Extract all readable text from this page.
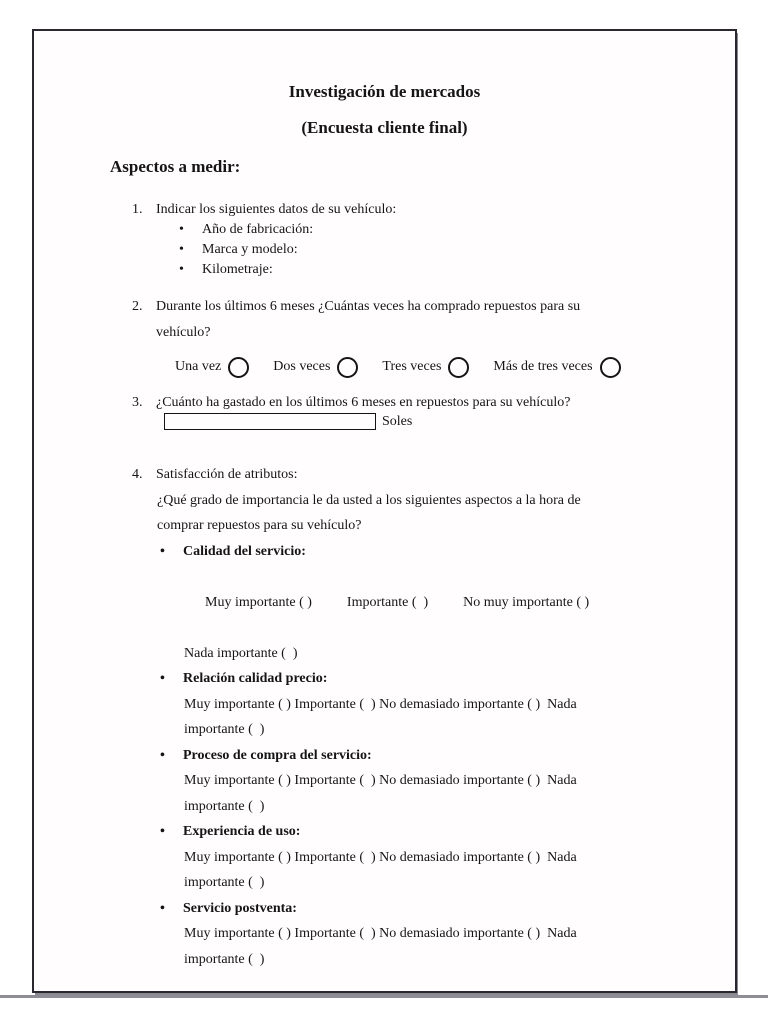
Investigación de mercados
(Encuesta cliente final)
Aspectos a medir:
1. Indicar los siguientes datos de su vehículo:
• Año de fabricación:
• Marca y modelo:
• Kilometraje:
2. Durante los últimos 6 meses ¿Cuántas veces ha comprado repuestos para su
vehículo?
Una vez	Dos veces	Tres veces	Más de tres veces
3. ¿Cuánto ha gastado en los últimos 6 meses en repuestos para su vehículo?
Soles
4. Satisfacción de atributos:
¿Qué grado de importancia le da usted a los siguientes aspectos a la hora de
comprar repuestos para su vehículo?
• Calidad del servicio:

Muy importante ( )	Importante (  )	No muy importante ( )

Nada importante (  )
• Relación calidad precio:
Muy importante ( ) Importante (  ) No demasiado importante ( )  Nada
importante (  )
• Proceso de compra del servicio:
Muy importante ( ) Importante (  ) No demasiado importante ( )  Nada
importante (  )
• Experiencia de uso:
Muy importante ( ) Importante (  ) No demasiado importante ( )  Nada
importante (  )
• Servicio postventa:
Muy importante ( ) Importante (  ) No demasiado importante ( )  Nada
importante (  )
